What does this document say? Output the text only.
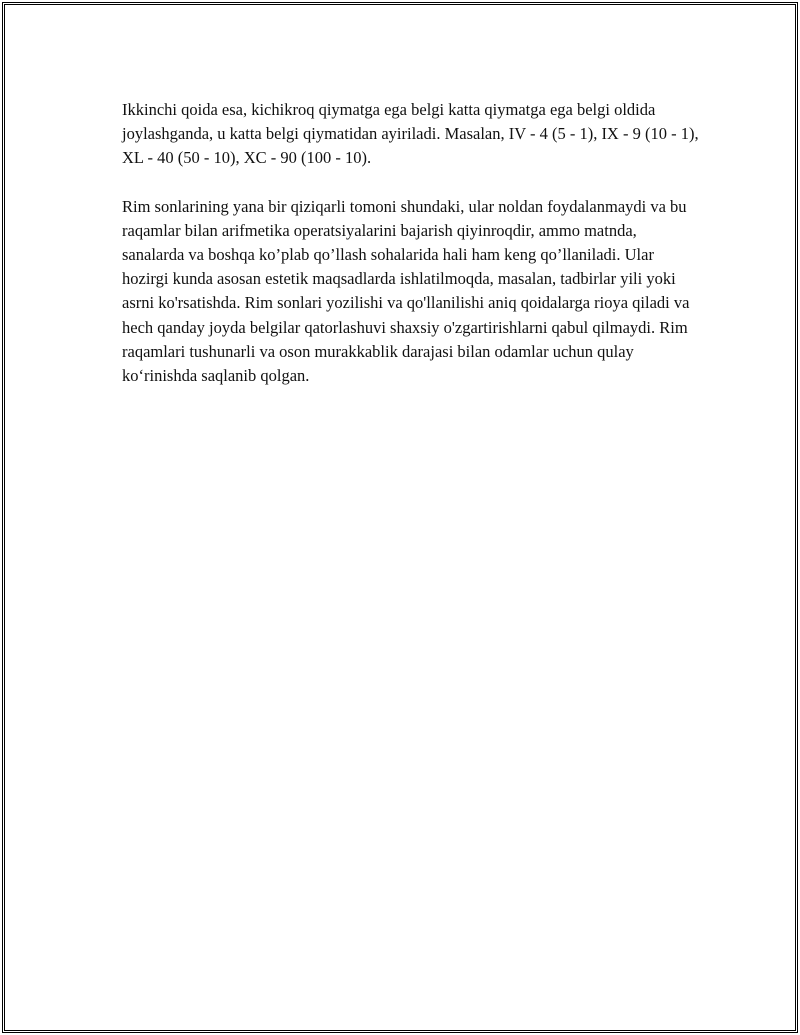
Ikkinchi qoida esa, kichikroq qiymatga ega belgi katta qiymatga ega belgi oldida joylashganda, u katta belgi qiymatidan ayiriladi. Masalan, IV - 4 (5 - 1), IX - 9 (10 - 1), XL - 40 (50 - 10), XC - 90 (100 - 10).

Rim sonlarining yana bir qiziqarli tomoni shundaki, ular noldan foydalanmaydi va bu raqamlar bilan arifmetika operatsiyalarini bajarish qiyinroqdir, ammo matnda, sanalarda va boshqa ko’plab qo’llash sohalarida hali ham keng qo’llaniladi. Ular hozirgi kunda asosan estetik maqsadlarda ishlatilmoqda, masalan, tadbirlar yili yoki asrni ko'rsatishda. Rim sonlari yozilishi va qo'llanilishi aniq qoidalarga rioya qiladi va hech qanday joyda belgilar qatorlashuvi shaxsiy o'zgartirishlarni qabul qilmaydi. Rim raqamlari tushunarli va oson murakkablik darajasi bilan odamlar uchun qulay ko‘rinishda saqlanib qolgan.
